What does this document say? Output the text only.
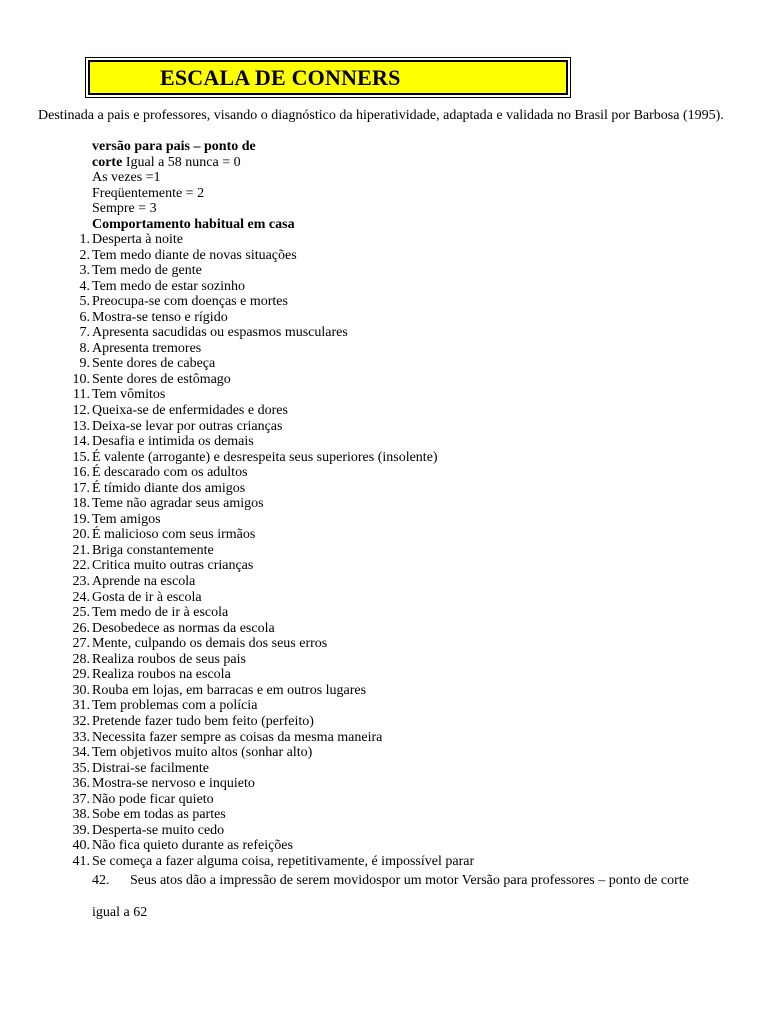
ESCALA DE CONNERS
Destinada a pais e professores, visando o diagnóstico da hiperatividade, adaptada e validada no Brasil por Barbosa (1995).
versão para pais – ponto de
corte Igual a 58 nunca = 0
As vezes =1
Freqüentemente = 2
Sempre = 3
Comportamento habitual em casa
1. Desperta à noite
2. Tem medo diante de novas situações
3. Tem medo de gente
4. Tem medo de estar sozinho
5. Preocupa-se com doenças e mortes
6. Mostra-se tenso e rígido
7. Apresenta sacudidas ou espasmos musculares
8. Apresenta tremores
9. Sente dores de cabeça
10. Sente dores de estômago
11. Tem vômitos
12. Queixa-se de enfermidades e dores
13. Deixa-se levar por outras crianças
14. Desafia e intimida os demais
15. É valente (arrogante) e desrespeita seus superiores (insolente)
16. É descarado com os adultos
17. É tímido diante dos amigos
18. Teme não agradar seus amigos
19. Tem amigos
20. É malicioso com seus irmãos
21. Briga constantemente
22. Critica muito outras crianças
23. Aprende na escola
24. Gosta de ir à escola
25. Tem medo de ir à escola
26. Desobedece as normas da escola
27. Mente, culpando os demais dos seus erros
28. Realiza roubos de seus pais
29. Realiza roubos na escola
30. Rouba em lojas, em barracas e em outros lugares
31. Tem problemas com a polícia
32. Pretende fazer tudo bem feito (perfeito)
33. Necessita fazer sempre as coisas da mesma maneira
34. Tem objetivos muito altos (sonhar alto)
35. Distrai-se facilmente
36. Mostra-se nervoso e inquieto
37. Não pode ficar quieto
38. Sobe em todas as partes
39. Desperta-se muito cedo
40. Não fica quieto durante as refeições
41. Se começa a fazer alguma coisa, repetitivamente, é impossível parar
42. Seus atos dão a impressão de serem movidospor um motor Versão para professores – ponto de corte
igual a 62
